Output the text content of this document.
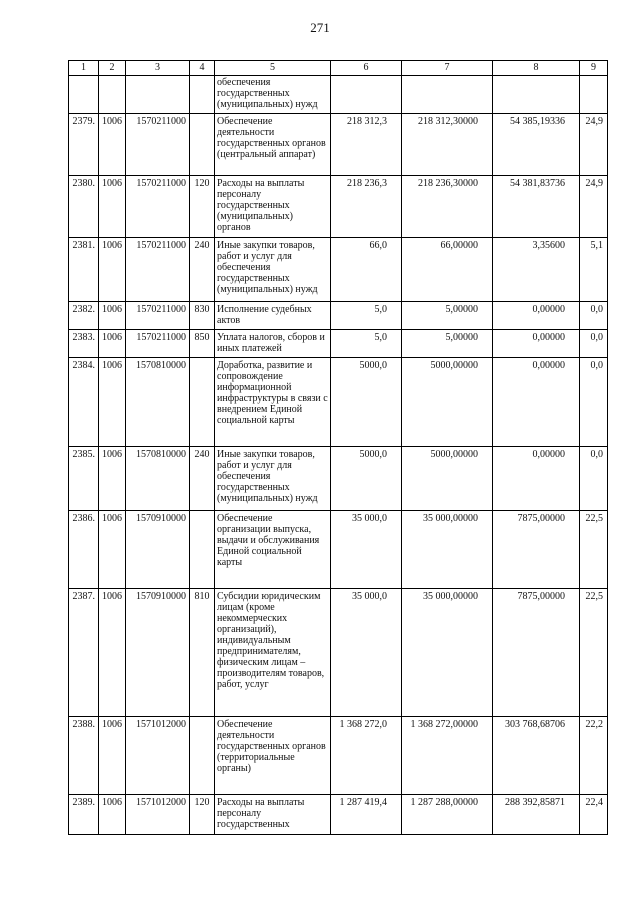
271
1	2	3	4	5	6	7	8	9
				обеспечения государственных (муниципальных) нужд				
2379.	1006	1570211000		Обеспечение деятельности государственных органов (центральный аппарат)	218 312,3	218 312,30000	54 385,19336	24,9
2380.	1006	1570211000	120	Расходы на выплаты персоналу государственных (муниципальных) органов	218 236,3	218 236,30000	54 381,83736	24,9
2381.	1006	1570211000	240	Иные закупки товаров, работ и услуг для обеспечения государственных (муниципальных) нужд	66,0	66,00000	3,35600	5,1
2382.	1006	1570211000	830	Исполнение судебных актов	5,0	5,00000	0,00000	0,0
2383.	1006	1570211000	850	Уплата налогов, сборов и иных платежей	5,0	5,00000	0,00000	0,0
2384.	1006	1570810000		Доработка, развитие и сопровождение информационной инфраструктуры в связи с внедрением Единой социальной карты	5000,0	5000,00000	0,00000	0,0
2385.	1006	1570810000	240	Иные закупки товаров, работ и услуг для обеспечения государственных (муниципальных) нужд	5000,0	5000,00000	0,00000	0,0
2386.	1006	1570910000		Обеспечение организации выпуска, выдачи и обслуживания Единой социальной карты	35 000,0	35 000,00000	7875,00000	22,5
2387.	1006	1570910000	810	Субсидии юридическим лицам (кроме некоммерческих организаций), индивидуальным предпринимателям, физическим лицам – производителям товаров, работ, услуг	35 000,0	35 000,00000	7875,00000	22,5
2388.	1006	1571012000		Обеспечение деятельности государственных органов (территориальные органы)	1 368 272,0	1 368 272,00000	303 768,68706	22,2
2389.	1006	1571012000	120	Расходы на выплаты персоналу государственных	1 287 419,4	1 287 288,00000	288 392,85871	22,4
